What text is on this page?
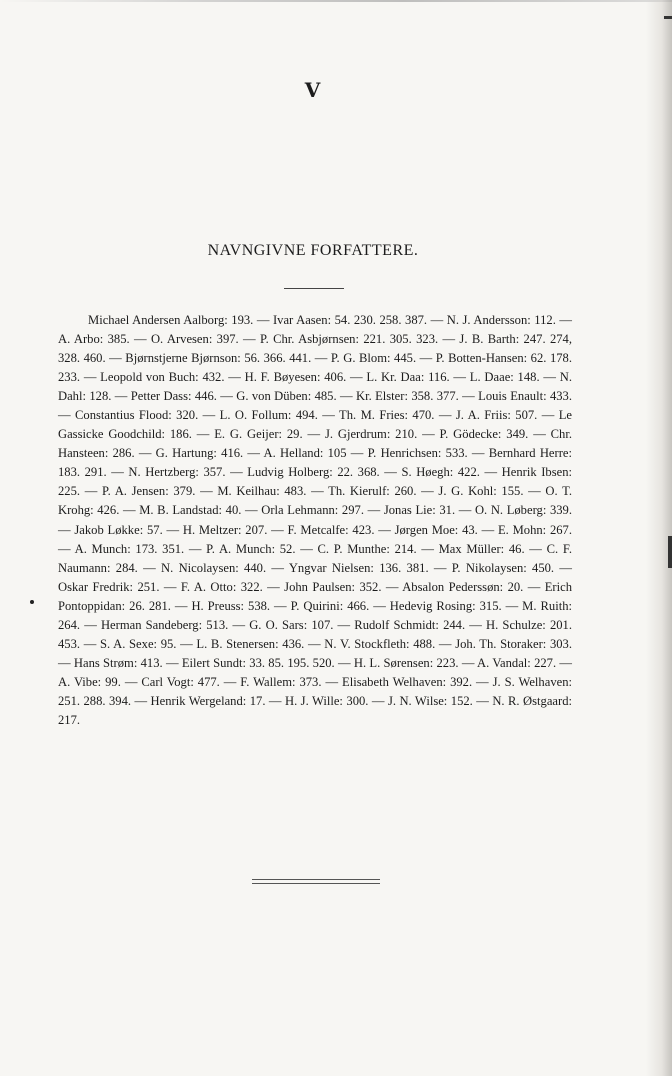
V
NAVNGIVNE FORFATTERE.

Michael Andersen Aalborg: 193. — Ivar Aasen: 54. 230. 258. 387. — N. J. Andersson: 112. — A. Arbo: 385. — O. Arvesen: 397. — P. Chr. Asbjørnsen: 221. 305. 323. — J. B. Barth: 247. 274, 328. 460. — Bjørnstjerne Bjørnson: 56. 366. 441. — P. G. Blom: 445. — P. Botten-Hansen: 62. 178. 233. — Leopold von Buch: 432. — H. F. Bøyesen: 406. — L. Kr. Daa: 116. — L. Daae: 148. — N. Dahl: 128. — Petter Dass: 446. — G. von Düben: 485. — Kr. Elster: 358. 377. — Louis Enault: 433. — Constantius Flood: 320. — L. O. Follum: 494. — Th. M. Fries: 470. — J. A. Friis: 507. — Le Gassicke Goodchild: 186. — E. G. Geijer: 29. — J. Gjerdrum: 210. — P. Gödecke: 349. — Chr. Hansteen: 286. — G. Hartung: 416. — A. Helland: 105 — P. Henrichsen: 533. — Bernhard Herre: 183. 291. — N. Hertzberg: 357. — Ludvig Holberg: 22. 368. — S. Høegh: 422. — Henrik Ibsen: 225. — P. A. Jensen: 379. — M. Keilhau: 483. — Th. Kierulf: 260. — J. G. Kohl: 155. — O. T. Krohg: 426. — M. B. Landstad: 40. — Orla Lehmann: 297. — Jonas Lie: 31. — O. N. Løberg: 339. — Jakob Løkke: 57. — H. Meltzer: 207. — F. Metcalfe: 423. — Jørgen Moe: 43. — E. Mohn: 267. — A. Munch: 173. 351. — P. A. Munch: 52. — C. P. Munthe: 214. — Max Müller: 46. — C. F. Naumann: 284. — N. Nicolaysen: 440. — Yngvar Nielsen: 136. 381. — P. Nikolaysen: 450. — Oskar Fredrik: 251. — F. A. Otto: 322. — John Paulsen: 352. — Absalon Pederssøn: 20. — Erich Pontoppidan: 26. 281. — H. Preuss: 538. — P. Quirini: 466. — Hedevig Rosing: 315. — M. Ruith: 264. — Herman Sandeberg: 513. — G. O. Sars: 107. — Rudolf Schmidt: 244. — H. Schulze: 201. 453. — S. A. Sexe: 95. — L. B. Stenersen: 436. — N. V. Stockfleth: 488. — Joh. Th. Storaker: 303. — Hans Strøm: 413. — Eilert Sundt: 33. 85. 195. 520. — H. L. Sørensen: 223. — A. Vandal: 227. — A. Vibe: 99. — Carl Vogt: 477. — F. Wallem: 373. — Elisabeth Welhaven: 392. — J. S. Welhaven: 251. 288. 394. — Henrik Wergeland: 17. — H. J. Wille: 300. — J. N. Wilse: 152. — N. R. Østgaard: 217.
